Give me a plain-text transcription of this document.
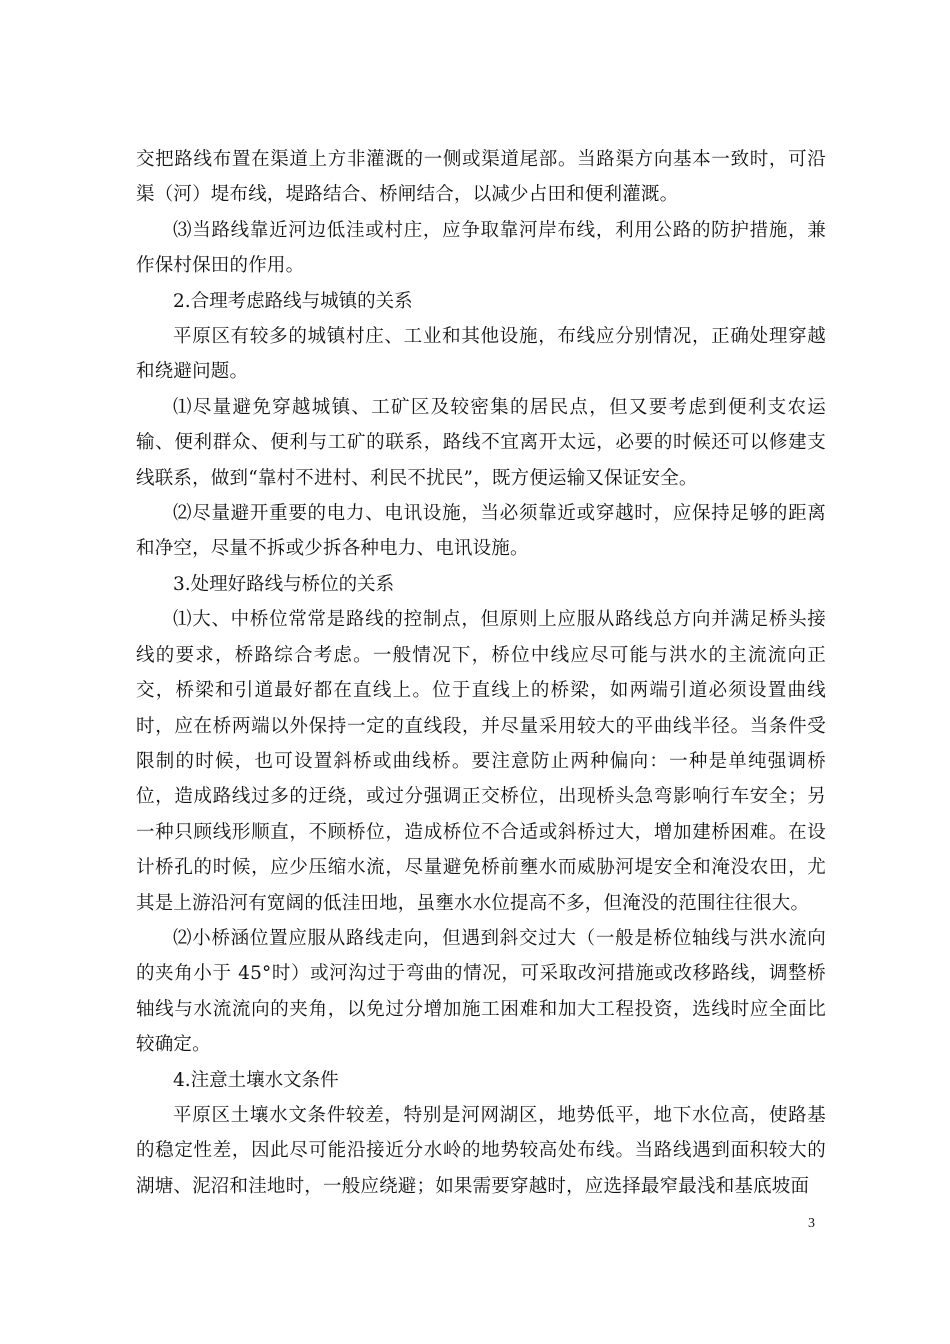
交把路线布置在渠道上方非灌溉的一侧或渠道尾部。当路渠方向基本一致时，可沿渠（河）堤布线，堤路结合、桥闸结合，以减少占田和便利灌溉。

⑶当路线靠近河边低洼或村庄，应争取靠河岸布线，利用公路的防护措施，兼作保村保田的作用。

2.合理考虑路线与城镇的关系

平原区有较多的城镇村庄、工业和其他设施，布线应分别情况，正确处理穿越和绕避问题。

⑴尽量避免穿越城镇、工矿区及较密集的居民点，但又要考虑到便利支农运输、便利群众、便利与工矿的联系，路线不宜离开太远，必要的时候还可以修建支线联系，做到“靠村不进村、利民不扰民”，既方便运输又保证安全。

⑵尽量避开重要的电力、电讯设施，当必须靠近或穿越时，应保持足够的距离和净空，尽量不拆或少拆各种电力、电讯设施。

3.处理好路线与桥位的关系

⑴大、中桥位常常是路线的控制点，但原则上应服从路线总方向并满足桥头接线的要求，桥路综合考虑。一般情况下，桥位中线应尽可能与洪水的主流流向正交，桥梁和引道最好都在直线上。位于直线上的桥梁，如两端引道必须设置曲线时，应在桥两端以外保持一定的直线段，并尽量采用较大的平曲线半径。当条件受限制的时候，也可设置斜桥或曲线桥。要注意防止两种偏向：一种是单纯强调桥位，造成路线过多的迂绕，或过分强调正交桥位，出现桥头急弯影响行车安全；另一种只顾线形顺直，不顾桥位，造成桥位不合适或斜桥过大，增加建桥困难。在设计桥孔的时候，应少压缩水流，尽量避免桥前壅水而威胁河堤安全和淹没农田，尤其是上游沿河有宽阔的低洼田地，虽壅水水位提高不多，但淹没的范围往往很大。

⑵小桥涵位置应服从路线走向，但遇到斜交过大（一般是桥位轴线与洪水流向的夹角小于 45°时）或河沟过于弯曲的情况，可采取改河措施或改移路线，调整桥轴线与水流流向的夹角，以免过分增加施工困难和加大工程投资，选线时应全面比较确定。

4.注意土壤水文条件

平原区土壤水文条件较差，特别是河网湖区，地势低平，地下水位高，使路基的稳定性差，因此尽可能沿接近分水岭的地势较高处布线。当路线遇到面积较大的湖塘、泥沼和洼地时，一般应绕避；如果需要穿越时，应选择最窄最浅和基底坡面

3
